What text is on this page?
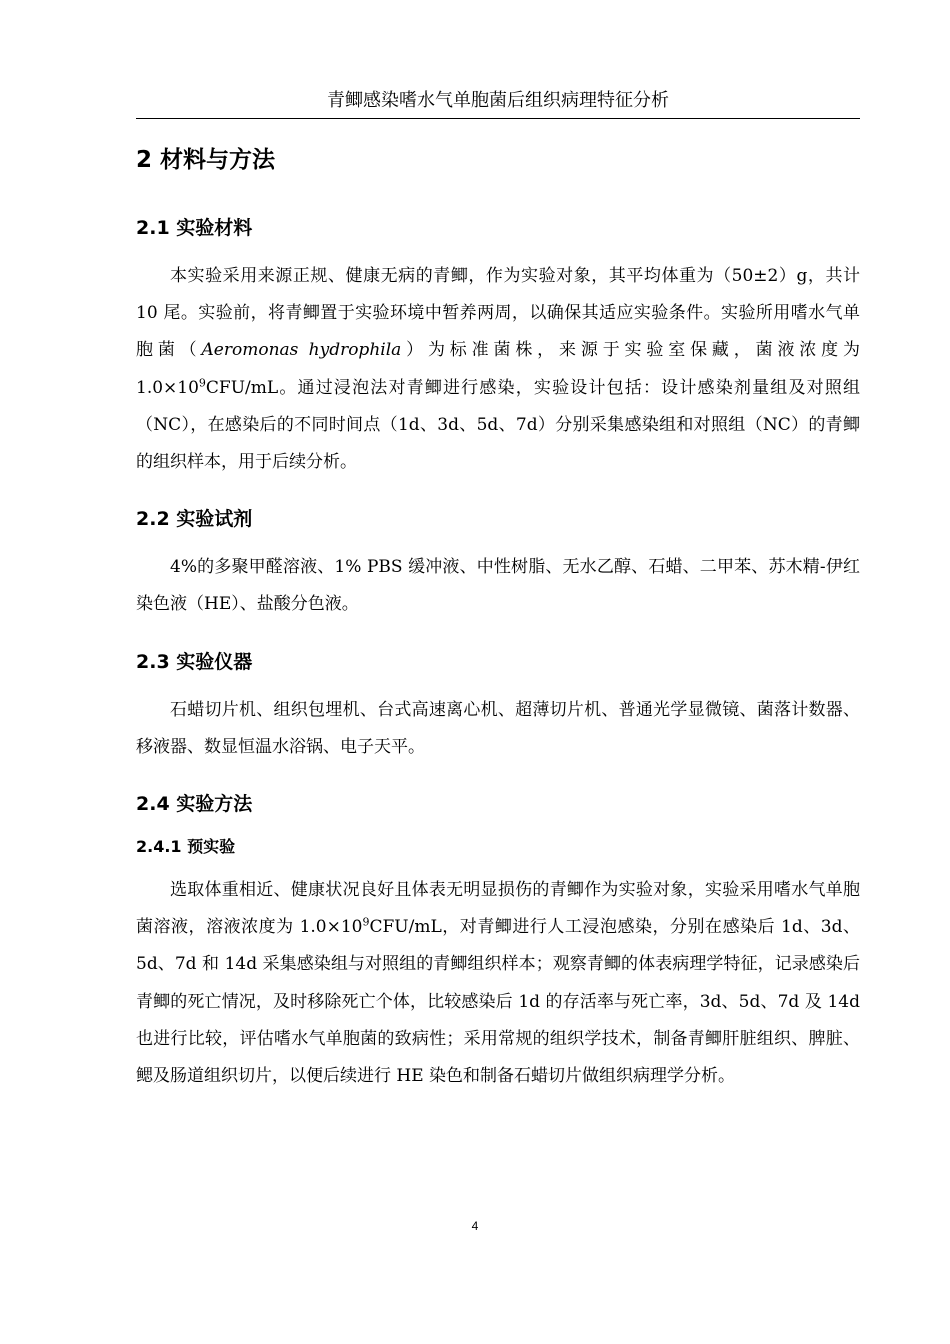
青鲫感染嗜水气单胞菌后组织病理特征分析
2 材料与方法
2.1 实验材料

本实验采用来源正规、健康无病的青鲫，作为实验对象，其平均体重为（50±2）g，共计 10 尾。实验前，将青鲫置于实验环境中暂养两周，以确保其适应实验条件。实验所用嗜水气单胞菌（Aeromonas hydrophila）为标准菌株，来源于实验室保藏，菌液浓度为 $1.0\times 10^9CFU/mL$。通过浸泡法对青鲫进行感染，实验设计包括：设计感染剂量组及对照组（NC），在感染后的不同时间点（1d、3d、5d、7d）分别采集感染组和对照组（NC）的青鲫的组织样本，用于后续分析。

2.2 实验试剂

4%的多聚甲醛溶液、1% PBS 缓冲液、中性树脂、无水乙醇、石蜡、二甲苯、苏木精-伊红染色液（HE）、盐酸分色液。

2.3 实验仪器

石蜡切片机、组织包埋机、台式高速离心机、超薄切片机、普通光学显微镜、菌落计数器、移液器、数显恒温水浴锅、电子天平。

2.4 实验方法
2.4.1 预实验

选取体重相近、健康状况良好且体表无明显损伤的青鲫作为实验对象，实验采用嗜水气单胞菌溶液，溶液浓度为 $1.0\times 10^9CFU/mL$，对青鲫进行人工浸泡感染，分别在感染后 1d、3d、5d、7d 和 14d 采集感染组与对照组的青鲫组织样本；观察青鲫的体表病理学特征，记录感染后青鲫的死亡情况，及时移除死亡个体，比较感染后 1d 的存活率与死亡率，3d、5d、7d 及 14d 也进行比较，评估嗜水气单胞菌的致病性；采用常规的组织学技术，制备青鲫肝脏组织、脾脏、鳃及肠道组织切片，以便后续进行 HE 染色和制备石蜡切片做组织病理学分析。

4
